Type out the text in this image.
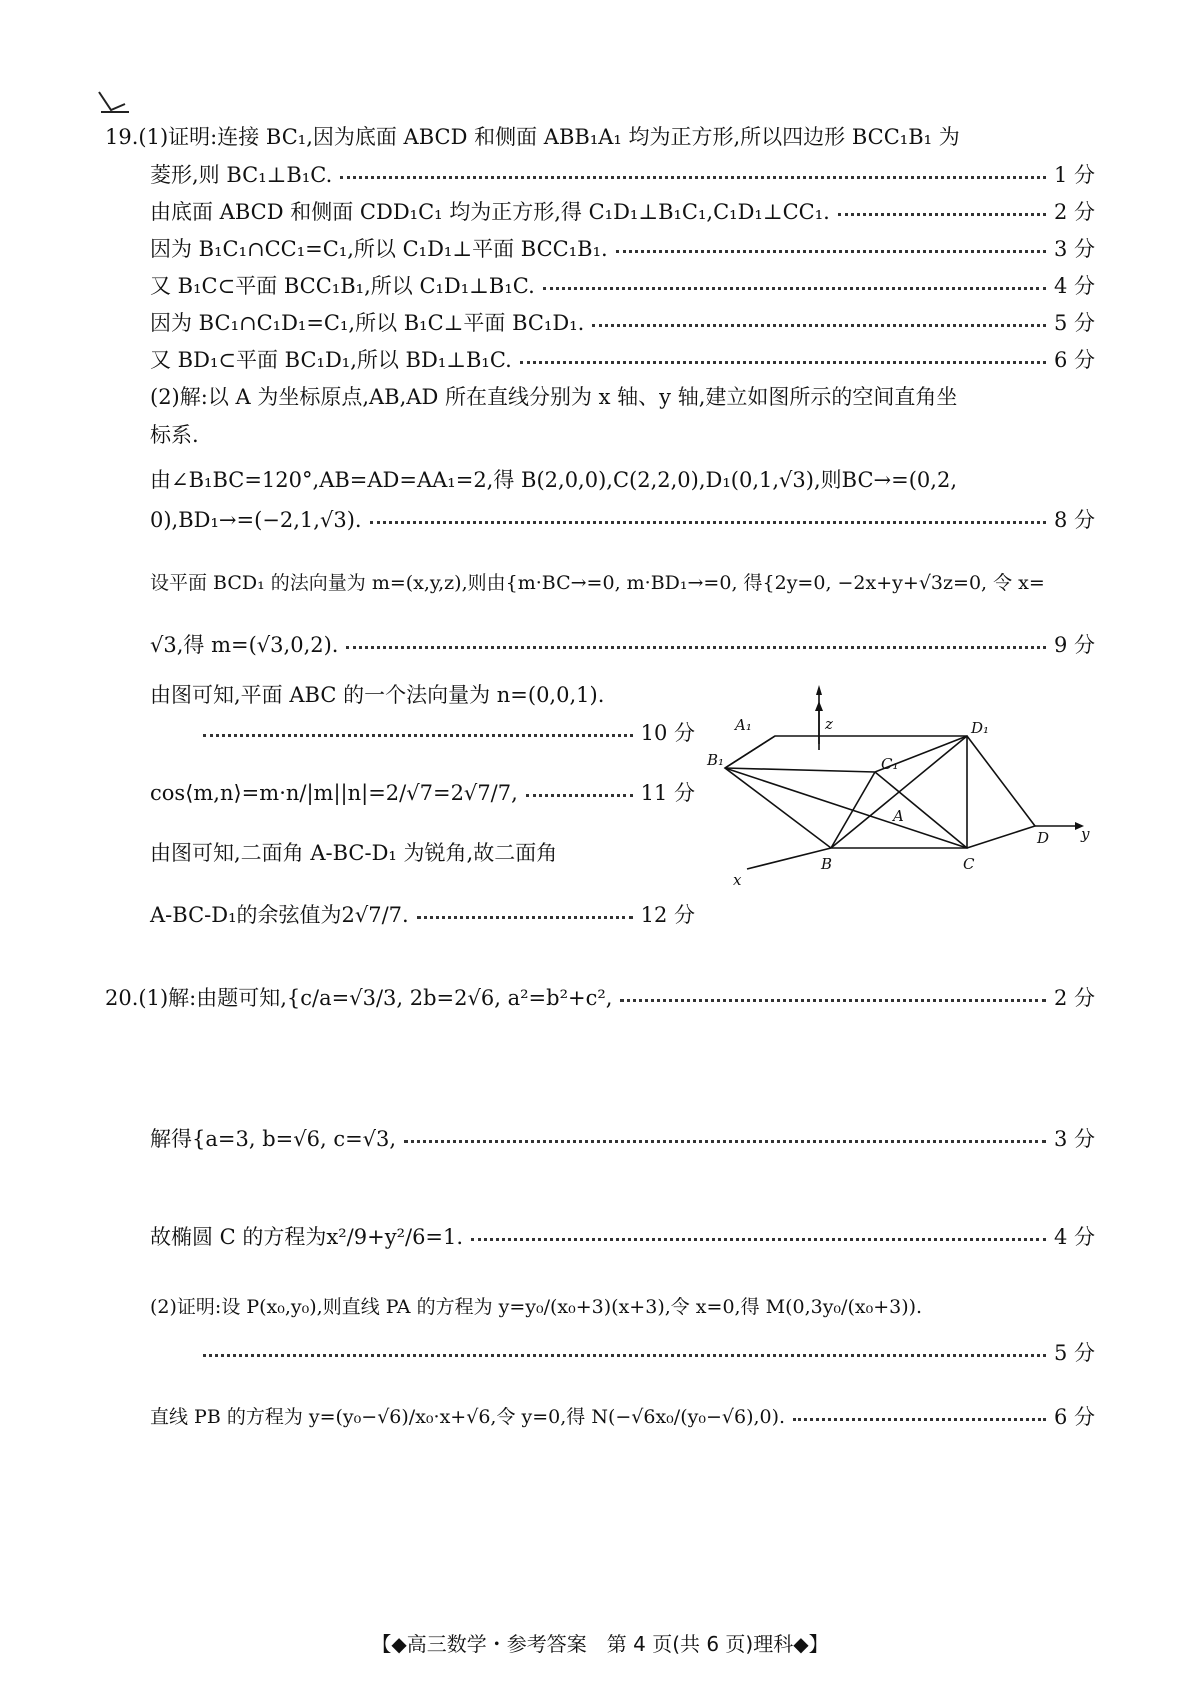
19.(1)证明:连接 BC₁,因为底面 ABCD 和侧面 ABB₁A₁ 均为正方形,所以四边形 BCC₁B₁ 为
菱形,则 BC₁⊥B₁C.	1 分
由底面 ABCD 和侧面 CDD₁C₁ 均为正方形,得 C₁D₁⊥B₁C₁,C₁D₁⊥CC₁.	2 分
因为 B₁C₁∩CC₁=C₁,所以 C₁D₁⊥平面 BCC₁B₁.	3 分
又 B₁C⊂平面 BCC₁B₁,所以 C₁D₁⊥B₁C.	4 分
因为 BC₁∩C₁D₁=C₁,所以 B₁C⊥平面 BC₁D₁.	5 分
又 BD₁⊂平面 BC₁D₁,所以 BD₁⊥B₁C.	6 分
(2)解:以 A 为坐标原点,AB,AD 所在直线分别为 x 轴、y 轴,建立如图所示的空间直角坐
标系.
由∠B₁BC=120°,AB=AD=AA₁=2,得 B(2,0,0),C(2,2,0),D₁(0,1,√3),则BC→=(0,2,
0),BD₁→=(−2,1,√3).	8 分
设平面 BCD₁ 的法向量为 m=(x,y,z),则由{m·BC→=0, m·BD₁→=0, 得{2y=0, −2x+y+√3z=0, 令 x=
√3,得 m=(√3,0,2).	9 分
由图可知,平面 ABC 的一个法向量为 n=(0,0,1).
10 分
cos⟨m,n⟩=m·n/|m||n|=2/√7=2√7/7,	11 分
由图可知,二面角 A-BC-D₁ 为锐角,故二面角
A-BC-D₁的余弦值为2√7/7.	12 分
A₁	z	D₁
B₁	C₁
A
D y
x
B	C
20.(1)解:由题可知,{c/a=√3/3, 2b=2√6, a²=b²+c²,	2 分
解得{a=3, b=√6, c=√3,	3 分
故椭圆 C 的方程为x²/9+y²/6=1.	4 分
(2)证明:设 P(x₀,y₀),则直线 PA 的方程为 y=y₀/(x₀+3)(x+3),令 x=0,得 M(0,3y₀/(x₀+3)).
5 分
直线 PB 的方程为 y=(y₀−√6)/x₀·x+√6,令 y=0,得 N(−√6x₀/(y₀−√6),0).	6 分
【◆高三数学・参考答案　第 4 页(共 6 页)理科◆】
